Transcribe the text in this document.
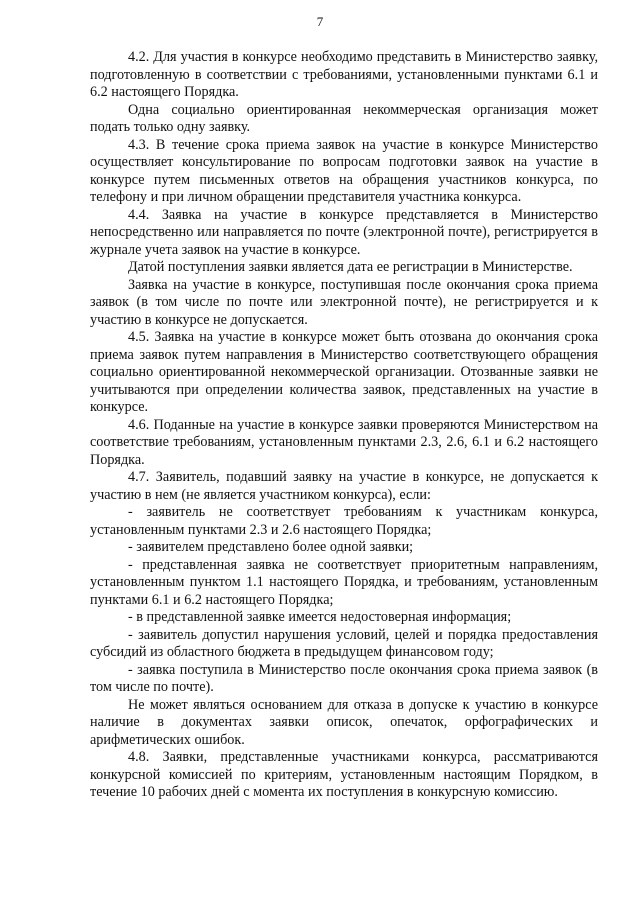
7

4.2. Для участия в конкурсе необходимо представить в Министерство заявку, подготовленную в соответствии с требованиями, установленными пунктами 6.1 и 6.2 настоящего Порядка.

Одна социально ориентированная некоммерческая организация может подать только одну заявку.

4.3. В течение срока приема заявок на участие в конкурсе Министерство осуществляет консультирование по вопросам подготовки заявок на участие в конкурсе путем письменных ответов на обращения участников конкурса, по телефону и при личном обращении представителя участника конкурса.

4.4. Заявка на участие в конкурсе представляется в Министерство непосредственно или направляется по почте (электронной почте), регистрируется в журнале учета заявок на участие в конкурсе.

Датой поступления заявки является дата ее регистрации в Министерстве.

Заявка на участие в конкурсе, поступившая после окончания срока приема заявок (в том числе по почте или электронной почте), не регистрируется и к участию в конкурсе не допускается.

4.5. Заявка на участие в конкурсе может быть отозвана до окончания срока приема заявок путем направления в Министерство соответствующего обращения социально ориентированной некоммерческой организации. Отозванные заявки не учитываются при определении количества заявок, представленных на участие в конкурсе.

4.6. Поданные на участие в конкурсе заявки проверяются Министерством на соответствие требованиям, установленным пунктами 2.3, 2.6, 6.1 и 6.2 настоящего Порядка.

4.7. Заявитель, подавший заявку на участие в конкурсе, не допускается к участию в нем (не является участником конкурса), если:

- заявитель не соответствует требованиям к участникам конкурса, установленным пунктами 2.3 и 2.6 настоящего Порядка;

- заявителем представлено более одной заявки;

- представленная заявка не соответствует приоритетным направлениям, установленным пунктом 1.1 настоящего Порядка, и требованиям, установленным пунктами 6.1 и 6.2 настоящего Порядка;

- в представленной заявке имеется недостоверная информация;

- заявитель допустил нарушения условий, целей и порядка предоставления субсидий из областного бюджета в предыдущем финансовом году;

- заявка поступила в Министерство после окончания срока приема заявок (в том числе по почте).

Не может являться основанием для отказа в допуске к участию в конкурсе наличие в документах заявки описок, опечаток, орфографических и арифметических ошибок.

4.8. Заявки, представленные участниками конкурса, рассматриваются конкурсной комиссией по критериям, установленным настоящим Порядком, в течение 10 рабочих дней с момента их поступления в конкурсную комиссию.
